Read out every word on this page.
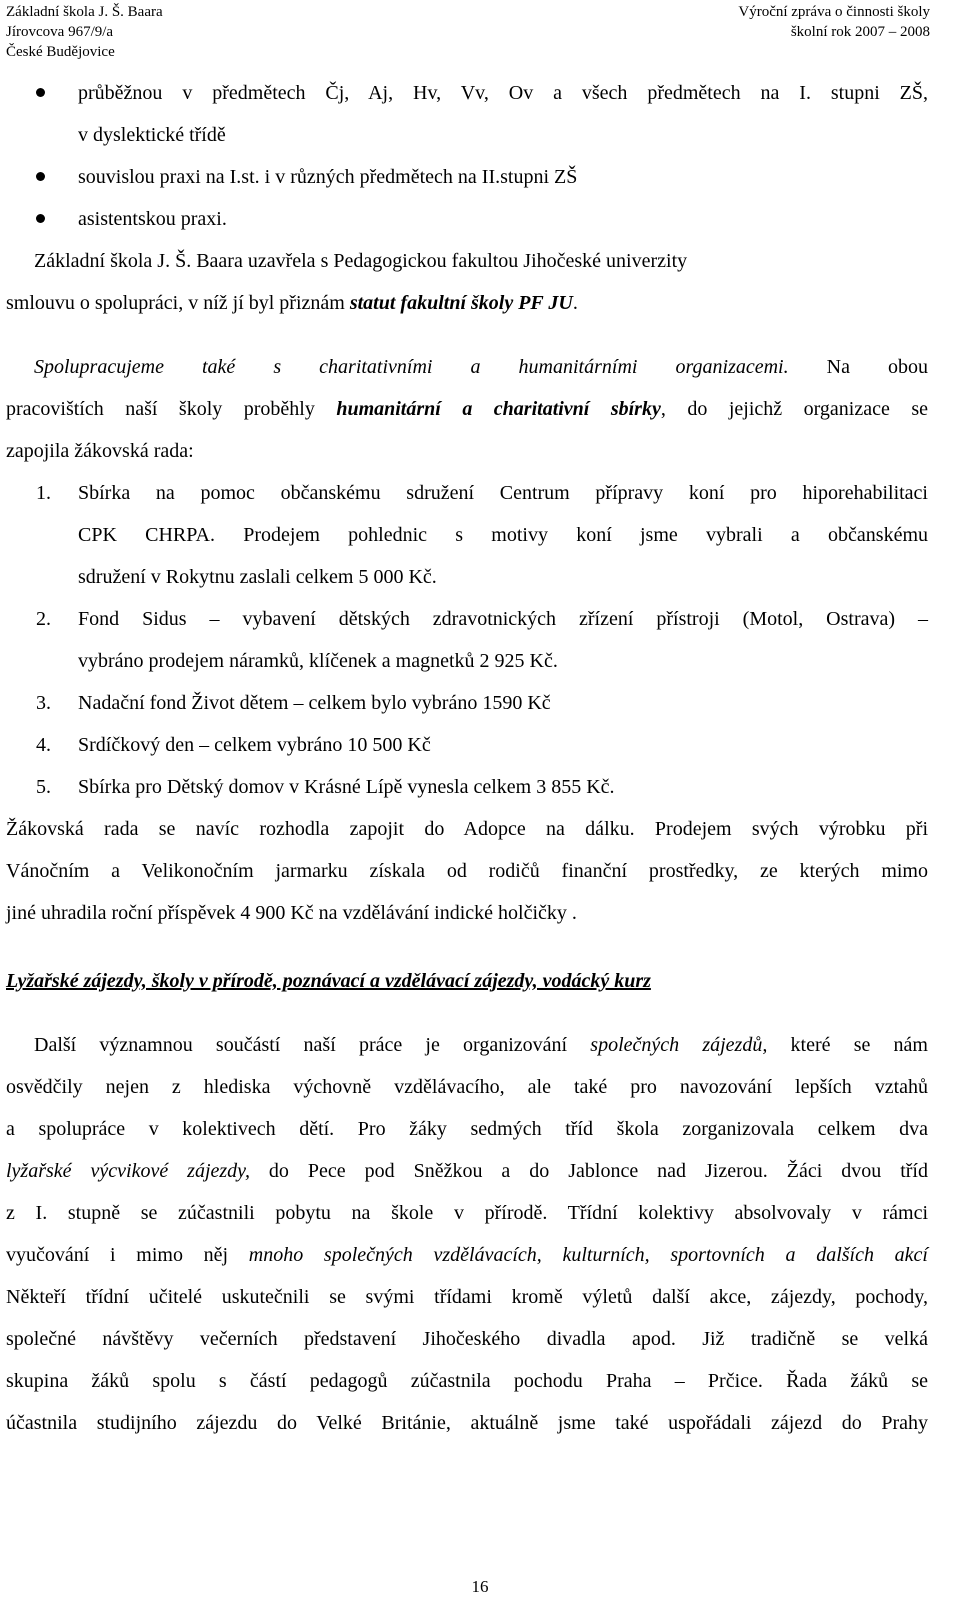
Základní škola J. Š. Baara
Jírovcova 967/9/a
České Budějovice
Výroční zpráva o činnosti školy
školní rok 2007 – 2008
průběžnou v předmětech Čj, Aj, Hv, Vv, Ov a všech předmětech na I. stupni ZŠ,
v dyslektické třídě
souvislou praxi na I.st. i v různých předmětech na II.stupni ZŠ
asistentskou praxi.
Základní škola J. Š. Baara uzavřela s Pedagogickou fakultou Jihočeské univerzity
smlouvu o spolupráci, v níž jí byl přiznám statut fakultní školy PF JU.
Spolupracujeme také s charitativními a humanitárními organizacemi. Na obou
pracovištích naší školy proběhly humanitární a charitativní sbírky, do jejichž organizace se
zapojila žákovská rada:
1. Sbírka na pomoc občanskému sdružení Centrum přípravy koní pro hiporehabilitaci
CPK CHRPA. Prodejem pohlednic s motivy koní jsme vybrali a občanskému
sdružení v Rokytnu zaslali celkem 5 000 Kč.
2. Fond Sidus – vybavení dětských zdravotnických zřízení přístroji (Motol, Ostrava) –
vybráno prodejem náramků, klíčenek a magnetků 2 925 Kč.
3. Nadační fond Život dětem – celkem bylo vybráno 1590 Kč
4. Srdíčkový den – celkem vybráno 10 500 Kč
5. Sbírka pro Dětský domov v Krásné Lípě vynesla celkem 3 855 Kč.
Žákovská rada se navíc rozhodla zapojit do Adopce na dálku. Prodejem svých výrobku při
Vánočním a Velikonočním jarmarku získala od rodičů finanční prostředky, ze kterých mimo
jiné uhradila roční příspěvek 4 900 Kč na vzdělávání indické holčičky .
Lyžařské zájezdy, školy v přírodě, poznávací a vzdělávací zájezdy, vodácký kurz
Další významnou součástí naší práce je organizování společných zájezdů, které se nám
osvědčily nejen z hlediska výchovně vzdělávacího, ale také pro navozování lepších vztahů
a spolupráce v kolektivech dětí. Pro žáky sedmých tříd škola zorganizovala celkem dva
lyžařské výcvikové zájezdy, do Pece pod Sněžkou a do Jablonce nad Jizerou. Žáci dvou tříd
z I. stupně se zúčastnili pobytu na škole v přírodě. Třídní kolektivy absolvovaly v rámci
vyučování i mimo něj mnoho společných vzdělávacích, kulturních, sportovních a dalších akcí
Někteří třídní učitelé uskutečnili se svými třídami kromě výletů další akce, zájezdy, pochody,
společné návštěvy večerních představení Jihočeského divadla apod. Již tradičně se velká
skupina žáků spolu s částí pedagogů zúčastnila pochodu Praha – Prčice. Řada žáků se
účastnila studijního zájezdu do Velké Británie, aktuálně jsme také uspořádali zájezd do Prahy
16
